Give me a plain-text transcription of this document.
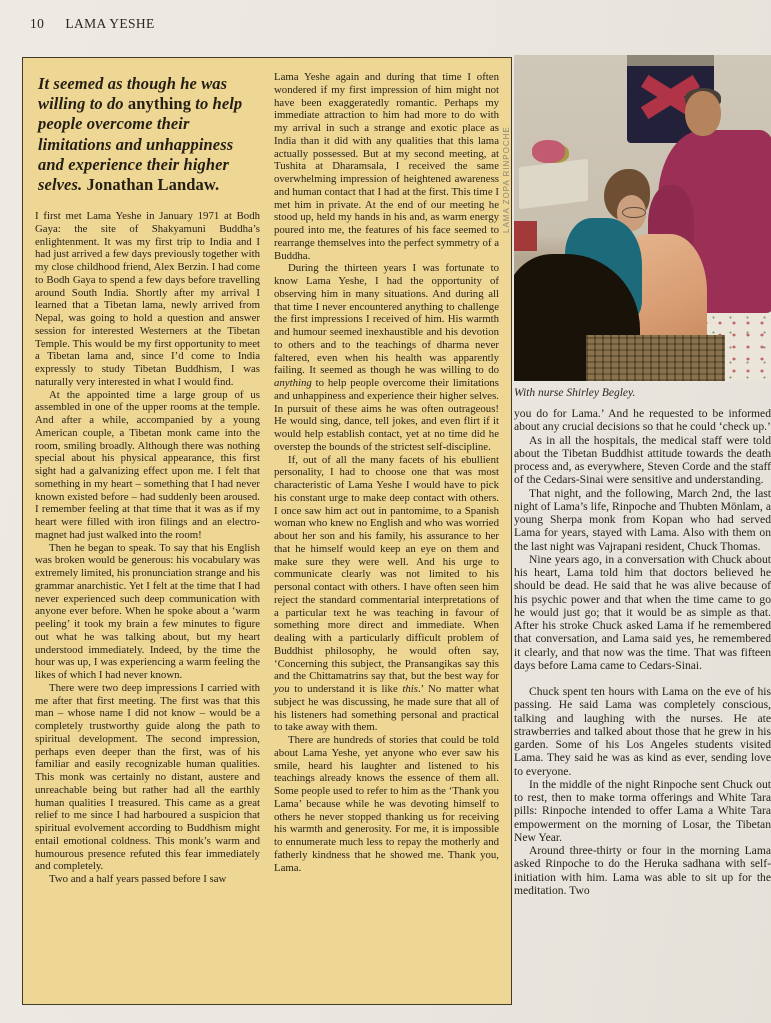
10 LAMA YESHE
It seemed as though he was willing to do anything to help people overcome their limitations and unhappiness and experience their higher selves. Jonathan Landaw.

I first met Lama Yeshe in January 1971 at Bodh Gaya: the site of Shakyamuni Buddha’s enlightenment. It was my first trip to India and I had just arrived a few days previously together with my close childhood friend, Alex Berzin. I had come to Bodh Gaya to spend a few days before travelling around South India. Shortly after my arrival I learned that a Tibetan lama, newly arrived from Nepal, was going to hold a question and answer session for interested Westerners at the Tibetan Temple. This would be my first opportunity to meet a Tibetan lama and, since I’d come to India expressly to study Tibetan Buddhism, I was naturally very interested in what I would find.

At the appointed time a large group of us assembled in one of the upper rooms at the temple. And after a while, accompanied by a young American couple, a Tibetan monk came into the room, smiling broadly. Although there was nothing special about his physical appearance, this first sight had a galvanizing effect upon me. I felt that something in my heart – something that I had never known existed before – had suddenly been aroused. I remember feeling at that time that it was as if my heart were filled with iron filings and an electro-magnet had just walked into the room!

Then he began to speak. To say that his English was broken would be generous: his vocabulary was extremely limited, his pronunciation strange and his grammar anarchistic. Yet I felt at the time that I had never experienced such deep communication with anyone ever before. When he spoke about a ‘warm peeling’ it took my brain a few minutes to figure out what he was talking about, but my heart understood immediately. Indeed, by the time the hour was up, I was experiencing a warm feeling the likes of which I had never known.

There were two deep impressions I carried with me after that first meeting. The first was that this man – whose name I did not know – would be a completely trustworthy guide along the path to spiritual development. The second impression, perhaps even deeper than the first, was of his familiar and easily recognizable human qualities. This monk was certainly no distant, austere and unreachable being but rather had all the earthly human qualities I treasured. This came as a great relief to me since I had harboured a suspicion that spiritual evolvement according to Buddhism might entail emotional coldness. This monk’s warm and humourous presence refuted this fear immediately and completely.

Two and a half years passed before I saw

Lama Yeshe again and during that time I often wondered if my first impression of him might not have been exaggeratedly romantic. Perhaps my immediate attraction to him had more to do with my arrival in such a strange and exotic place as India than it did with any qualities that this lama actually possessed. But at my second meeting, at Tushita at Dharamsala, I received the same overwhelming impression of heightened awareness and human contact that I had at the first. This time I met him in private. At the end of our meeting he stood up, held my hands in his and, as warm energy poured into me, the features of his face seemed to rearrange themselves into the perfect symmetry of a Buddha.

During the thirteen years I was fortunate to know Lama Yeshe, I had the opportunity of observing him in many situations. And during all that time I never encountered anything to challenge the first impressions I received of him. His warmth and humour seemed inexhaustible and his devotion to others and to the teachings of dharma never faltered, even when his health was apparently failing. It seemed as though he was willing to do anything to help people overcome their limitations and unhappiness and experience their higher selves. In pursuit of these aims he was often outrageous! He would sing, dance, tell jokes, and even flirt if it would help establish contact, yet at no time did he overstep the bounds of the strictest self-discipline.

If, out of all the many facets of his ebullient personality, I had to choose one that was most characteristic of Lama Yeshe I would have to pick his constant urge to make deep contact with others. I once saw him act out in pantomime, to a Spanish woman who knew no English and who was worried about her son and his family, his assurance to her that he himself would keep an eye on them and make sure they were well. And his urge to communicate clearly was not limited to his personal contact with others. I have often seen him reject the standard commentarial interpretations of a particular text he was teaching in favour of something more direct and immediate. When dealing with a particularly difficult problem of Buddhist philosophy, he would often say, ‘Concerning this subject, the Pransangikas say this and the Chittamatrins say that, but the best way for you to understand it is like this.’ No matter what subject he was discussing, he made sure that all of his listeners had something personal and practical to take away with them.

There are hundreds of stories that could be told about Lama Yeshe, yet anyone who ever saw his smile, heard his laughter and listened to his teachings already knows the essence of them all. Some people used to refer to him as the ‘Thank you Lama’ because while he was devoting himself to others he never stopped thanking us for receiving his warmth and generosity. For me, it is impossible to ennumerate much less to repay the motherly and fatherly kindness that he showed me. Thank you, Lama.

LAMA ZOPA RINPOCHE
With nurse Shirley Begley.

you do for Lama.’ And he requested to be informed about any crucial decisions so that he could ‘check up.’

As in all the hospitals, the medical staff were told about the Tibetan Buddhist attitude towards the death process and, as everywhere, Steven Corde and the staff of the Cedars-Sinai were sensitive and understanding.

That night, and the following, March 2nd, the last night of Lama’s life, Rinpoche and Thubten Mönlam, a young Sherpa monk from Kopan who had served Lama for years, stayed with Lama. Also with them on the last night was Vajrapani resident, Chuck Thomas.

Nine years ago, in a conversation with Chuck about his heart, Lama told him that doctors believed he should be dead. He said that he was alive because of his psychic power and that when the time came to go he would just go; that it would be as simple as that. After his stroke Chuck asked Lama if he remembered that conversation, and Lama said yes, he remembered it clearly, and that now was the time. That was fifteen days before Lama came to Cedars-Sinai.

Chuck spent ten hours with Lama on the eve of his passing. He said Lama was completely conscious, talking and laughing with the nurses. He ate strawberries and talked about those that he grew in his garden. Some of his Los Angeles students visited Lama. They said he was as kind as ever, sending love to everyone.

In the middle of the night Rinpoche sent Chuck out to rest, then to make torma offerings and White Tara pills: Rinpoche intended to offer Lama a White Tara empowerment on the morning of Losar, the Tibetan New Year.

Around three-thirty or four in the morning Lama asked Rinpoche to do the Heruka sadhana with self-initiation with him. Lama was able to sit up for the meditation. Two
